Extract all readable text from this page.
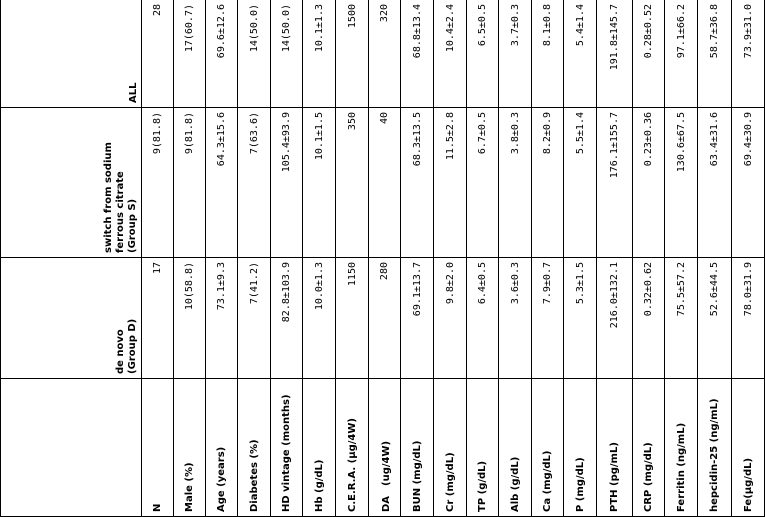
	de novo (Group D)	switch from sodium ferrous citrate (Group S)	ALL
N	17	9(81.8)	28
Male (%)	10(58.8)	9(81.8)	17(60.7)
Age (years)	73.1±9.3	64.3±15.6	69.6±12.6
Diabetes (%)	7(41.2)	7(63.6)	14(50.0)
HD vintage (months)	82.8±103.9	105.4±93.9	14(50.0)
Hb (g/dL)	10.0±1.3	10.1±1.5	10.1±1.3
C.E.R.A. (μg/4W)	1150	350	1500
DA　(ug/4W)	280	40	320
BUN (mg/dL)	69.1±13.7	68.3±13.5	68.8±13.4
Cr (mg/dL)	9.8±2.0	11.5±2.8	10.4±2.4
TP (g/dL)	6.4±0.5	6.7±0.5	6.5±0.5
Alb (g/dL)	3.6±0.3	3.8±0.3	3.7±0.3
Ca (mg/dL)	7.9±0.7	8.2±0.9	8.1±0.8
P (mg/dL)	5.3±1.5	5.5±1.4	5.4±1.4
PTH (pg/mL)	216.0±132.1	176.1±155.7	191.8±145.7
CRP (mg/dL)	0.32±0.62	0.23±0.36	0.28±0.52
Ferritin (ng/mL)	75.5±57.2	130.6±67.5	97.1±66.2
hepcidin-25 (ng/mL)	52.6±44.5	63.4±31.6	58.7±36.8
Fe(μg/dL)	78.0±31.9	69.4±30.9	73.9±31.0
